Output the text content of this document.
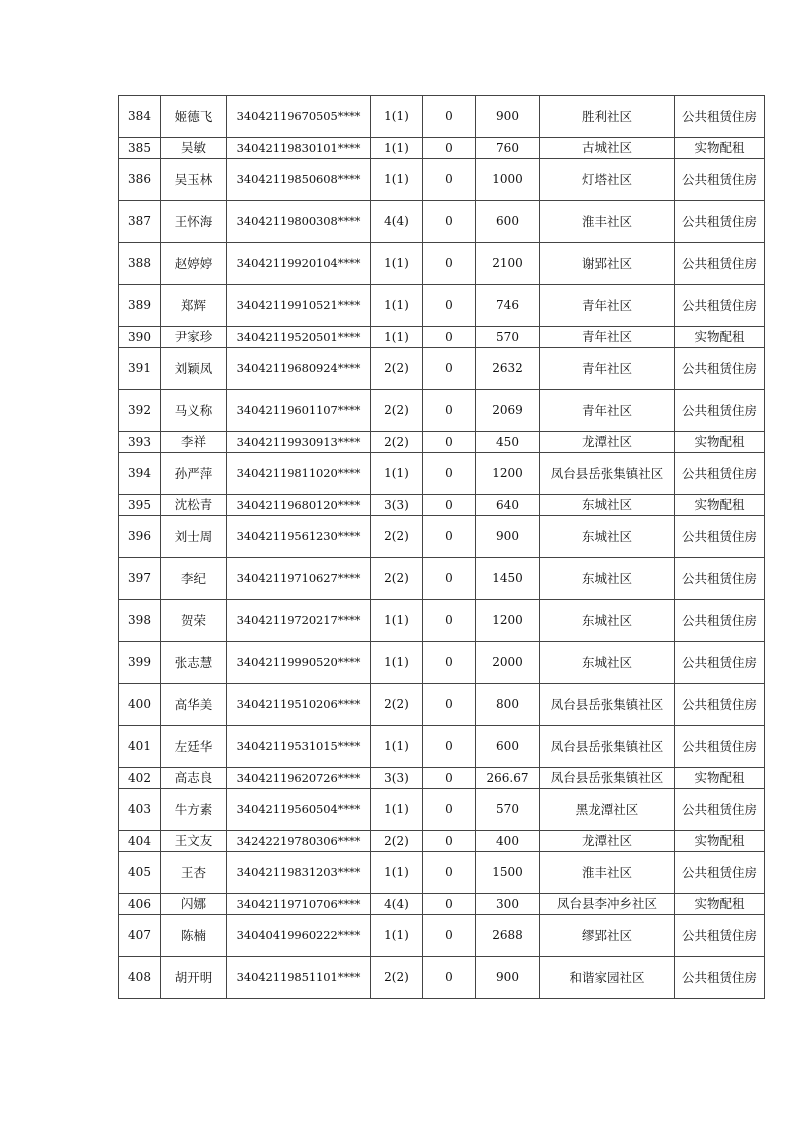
384	姬德飞	34042119670505****	1(1)	0	900	胜利社区	公共租赁住房
385	吴敏	34042119830101****	1(1)	0	760	古城社区	实物配租
386	吴玉林	34042119850608****	1(1)	0	1000	灯塔社区	公共租赁住房
387	王怀海	34042119800308****	4(4)	0	600	淮丰社区	公共租赁住房
388	赵婷婷	34042119920104****	1(1)	0	2100	谢郢社区	公共租赁住房
389	郑辉	34042119910521****	1(1)	0	746	青年社区	公共租赁住房
390	尹家珍	34042119520501****	1(1)	0	570	青年社区	实物配租
391	刘颖凤	34042119680924****	2(2)	0	2632	青年社区	公共租赁住房
392	马义称	34042119601107****	2(2)	0	2069	青年社区	公共租赁住房
393	李祥	34042119930913****	2(2)	0	450	龙潭社区	实物配租
394	孙严萍	34042119811020****	1(1)	0	1200	凤台县岳张集镇社区	公共租赁住房
395	沈松青	34042119680120****	3(3)	0	640	东城社区	实物配租
396	刘士周	34042119561230****	2(2)	0	900	东城社区	公共租赁住房
397	李纪	34042119710627****	2(2)	0	1450	东城社区	公共租赁住房
398	贺荣	34042119720217****	1(1)	0	1200	东城社区	公共租赁住房
399	张志慧	34042119990520****	1(1)	0	2000	东城社区	公共租赁住房
400	高华美	34042119510206****	2(2)	0	800	凤台县岳张集镇社区	公共租赁住房
401	左廷华	34042119531015****	1(1)	0	600	凤台县岳张集镇社区	公共租赁住房
402	高志良	34042119620726****	3(3)	0	266.67	凤台县岳张集镇社区	实物配租
403	牛方素	34042119560504****	1(1)	0	570	黑龙潭社区	公共租赁住房
404	王文友	34242219780306****	2(2)	0	400	龙潭社区	实物配租
405	王杏	34042119831203****	1(1)	0	1500	淮丰社区	公共租赁住房
406	闪娜	34042119710706****	4(4)	0	300	凤台县李冲乡社区	实物配租
407	陈楠	34040419960222****	1(1)	0	2688	缪郢社区	公共租赁住房
408	胡开明	34042119851101****	2(2)	0	900	和谐家园社区	公共租赁住房
